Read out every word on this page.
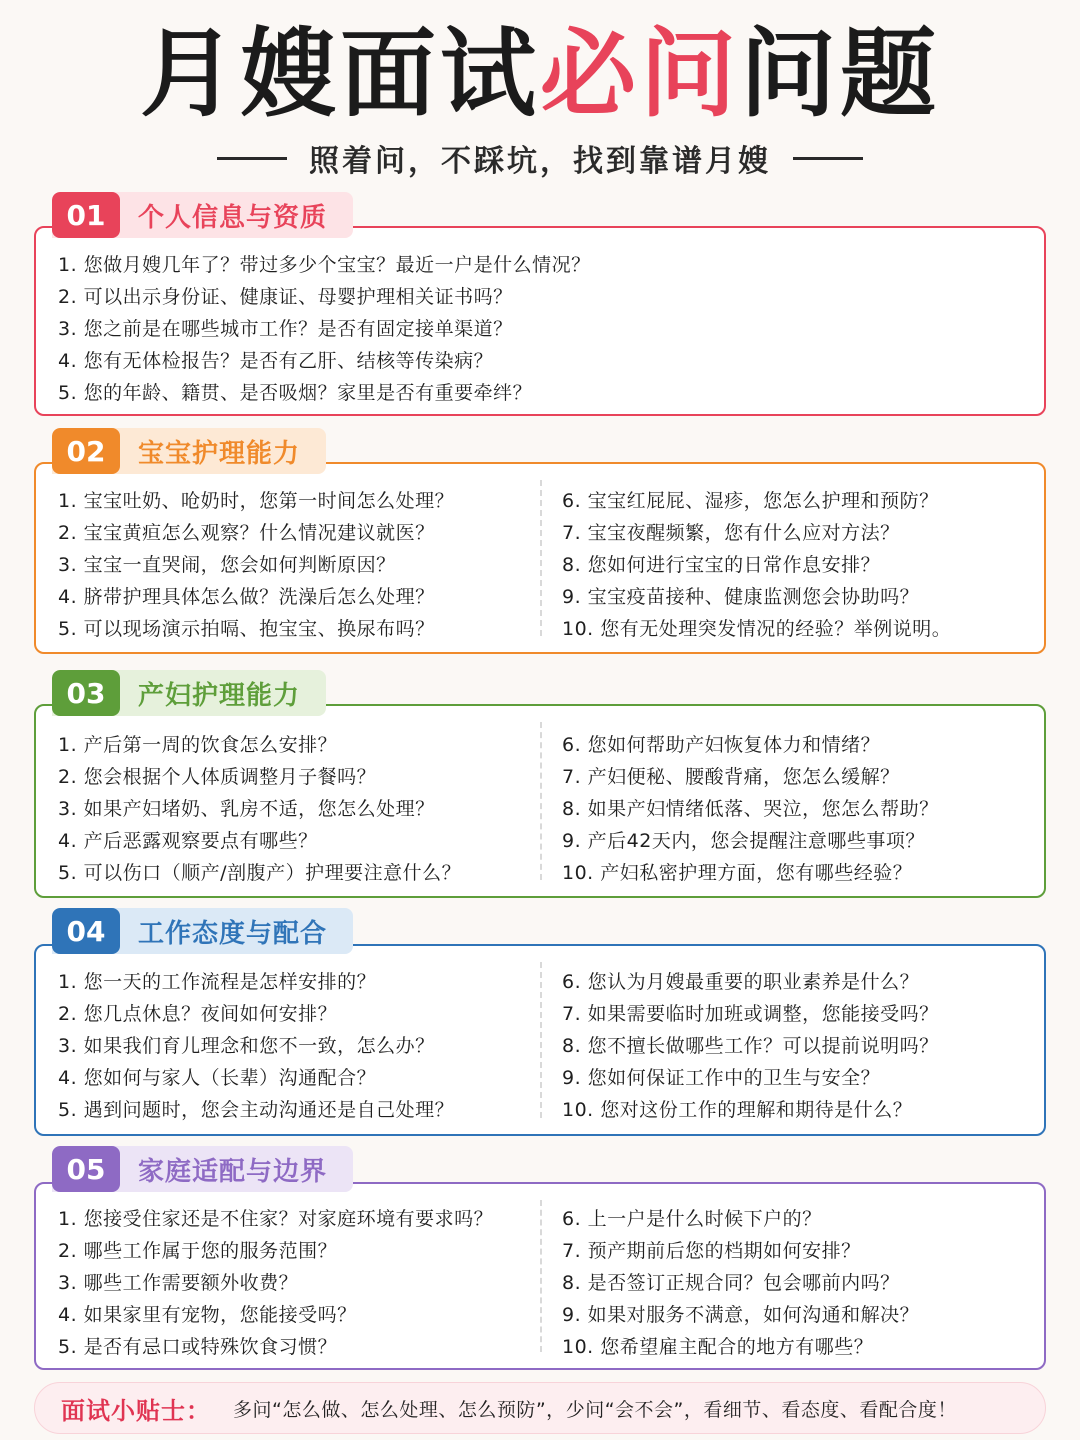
月嫂面试必问问题
照着问，不踩坑，找到靠谱月嫂
01	个人信息与资质
1. 您做月嫂几年了？带过多少个宝宝？最近一户是什么情况？
2. 可以出示身份证、健康证、母婴护理相关证书吗？
3. 您之前是在哪些城市工作？是否有固定接单渠道？
4. 您有无体检报告？是否有乙肝、结核等传染病？
5. 您的年龄、籍贯、是否吸烟？家里是否有重要牵绊？
02	宝宝护理能力
1. 宝宝吐奶、呛奶时，您第一时间怎么处理？
2. 宝宝黄疸怎么观察？什么情况建议就医？
3. 宝宝一直哭闹，您会如何判断原因？
4. 脐带护理具体怎么做？洗澡后怎么处理？
5. 可以现场演示拍嗝、抱宝宝、换尿布吗？
6. 宝宝红屁屁、湿疹，您怎么护理和预防？
7. 宝宝夜醒频繁，您有什么应对方法？
8. 您如何进行宝宝的日常作息安排？
9. 宝宝疫苗接种、健康监测您会协助吗？
10. 您有无处理突发情况的经验？举例说明。
03	产妇护理能力
1. 产后第一周的饮食怎么安排？
2. 您会根据个人体质调整月子餐吗？
3. 如果产妇堵奶、乳房不适，您怎么处理？
4. 产后恶露观察要点有哪些？
5. 可以伤口（顺产/剖腹产）护理要注意什么？
6. 您如何帮助产妇恢复体力和情绪？
7. 产妇便秘、腰酸背痛，您怎么缓解？
8. 如果产妇情绪低落、哭泣，您怎么帮助？
9. 产后42天内，您会提醒注意哪些事项？
10. 产妇私密护理方面，您有哪些经验？
04	工作态度与配合
1. 您一天的工作流程是怎样安排的？
2. 您几点休息？夜间如何安排？
3. 如果我们育儿理念和您不一致，怎么办？
4. 您如何与家人（长辈）沟通配合？
5. 遇到问题时，您会主动沟通还是自己处理？
6. 您认为月嫂最重要的职业素养是什么？
7. 如果需要临时加班或调整，您能接受吗？
8. 您不擅长做哪些工作？可以提前说明吗？
9. 您如何保证工作中的卫生与安全？
10. 您对这份工作的理解和期待是什么？
05	家庭适配与边界
1. 您接受住家还是不住家？对家庭环境有要求吗？
2. 哪些工作属于您的服务范围？
3. 哪些工作需要额外收费？
4. 如果家里有宠物，您能接受吗？
5. 是否有忌口或特殊饮食习惯？
6. 上一户是什么时候下户的？
7. 预产期前后您的档期如何安排？
8. 是否签订正规合同？包会哪前内吗？
9. 如果对服务不满意，如何沟通和解决？
10. 您希望雇主配合的地方有哪些？
面试小贴士： 多问“怎么做、怎么处理、怎么预防”，少问“会不会”，看细节、看态度、看配合度！
